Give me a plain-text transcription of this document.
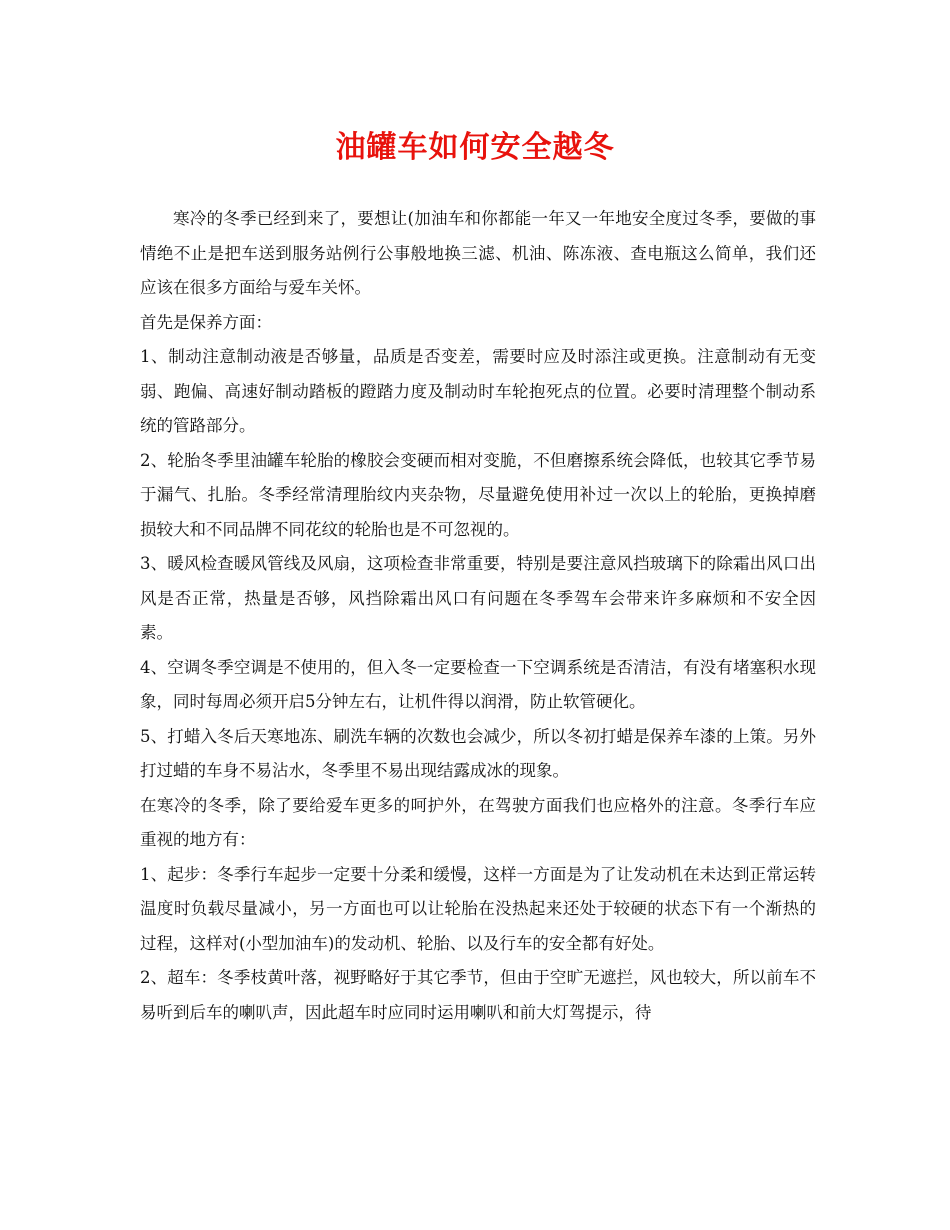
油罐车如何安全越冬

寒冷的冬季已经到来了，要想让(加油车和你都能一年又一年地安全度过冬季，要做的事情绝不止是把车送到服务站例行公事般地换三滤、机油、陈冻液、查电瓶这么简单，我们还应该在很多方面给与爱车关怀。

首先是保养方面：

1、制动注意制动液是否够量，品质是否变差，需要时应及时添注或更换。注意制动有无变弱、跑偏、高速好制动踏板的蹬踏力度及制动时车轮抱死点的位置。必要时清理整个制动系统的管路部分。

2、轮胎冬季里油罐车轮胎的橡胶会变硬而相对变脆，不但磨擦系统会降低，也较其它季节易于漏气、扎胎。冬季经常清理胎纹内夹杂物，尽量避免使用补过一次以上的轮胎，更换掉磨损较大和不同品牌不同花纹的轮胎也是不可忽视的。

3、暖风检查暖风管线及风扇，这项检查非常重要，特别是要注意风挡玻璃下的除霜出风口出风是否正常，热量是否够，风挡除霜出风口有问题在冬季驾车会带来许多麻烦和不安全因素。

4、空调冬季空调是不使用的，但入冬一定要检查一下空调系统是否清洁，有没有堵塞积水现象，同时每周必须开启5分钟左右，让机件得以润滑，防止软管硬化。

5、打蜡入冬后天寒地冻、刷洗车辆的次数也会减少，所以冬初打蜡是保养车漆的上策。另外打过蜡的车身不易沾水，冬季里不易出现结露成冰的现象。

在寒冷的冬季，除了要给爱车更多的呵护外，在驾驶方面我们也应格外的注意。冬季行车应重视的地方有：

1、起步：冬季行车起步一定要十分柔和缓慢，这样一方面是为了让发动机在未达到正常运转温度时负载尽量减小，另一方面也可以让轮胎在没热起来还处于较硬的状态下有一个渐热的过程，这样对(小型加油车)的发动机、轮胎、以及行车的安全都有好处。

2、超车：冬季枝黄叶落，视野略好于其它季节，但由于空旷无遮拦，风也较大，所以前车不易听到后车的喇叭声，因此超车时应同时运用喇叭和前大灯驾提示，待
